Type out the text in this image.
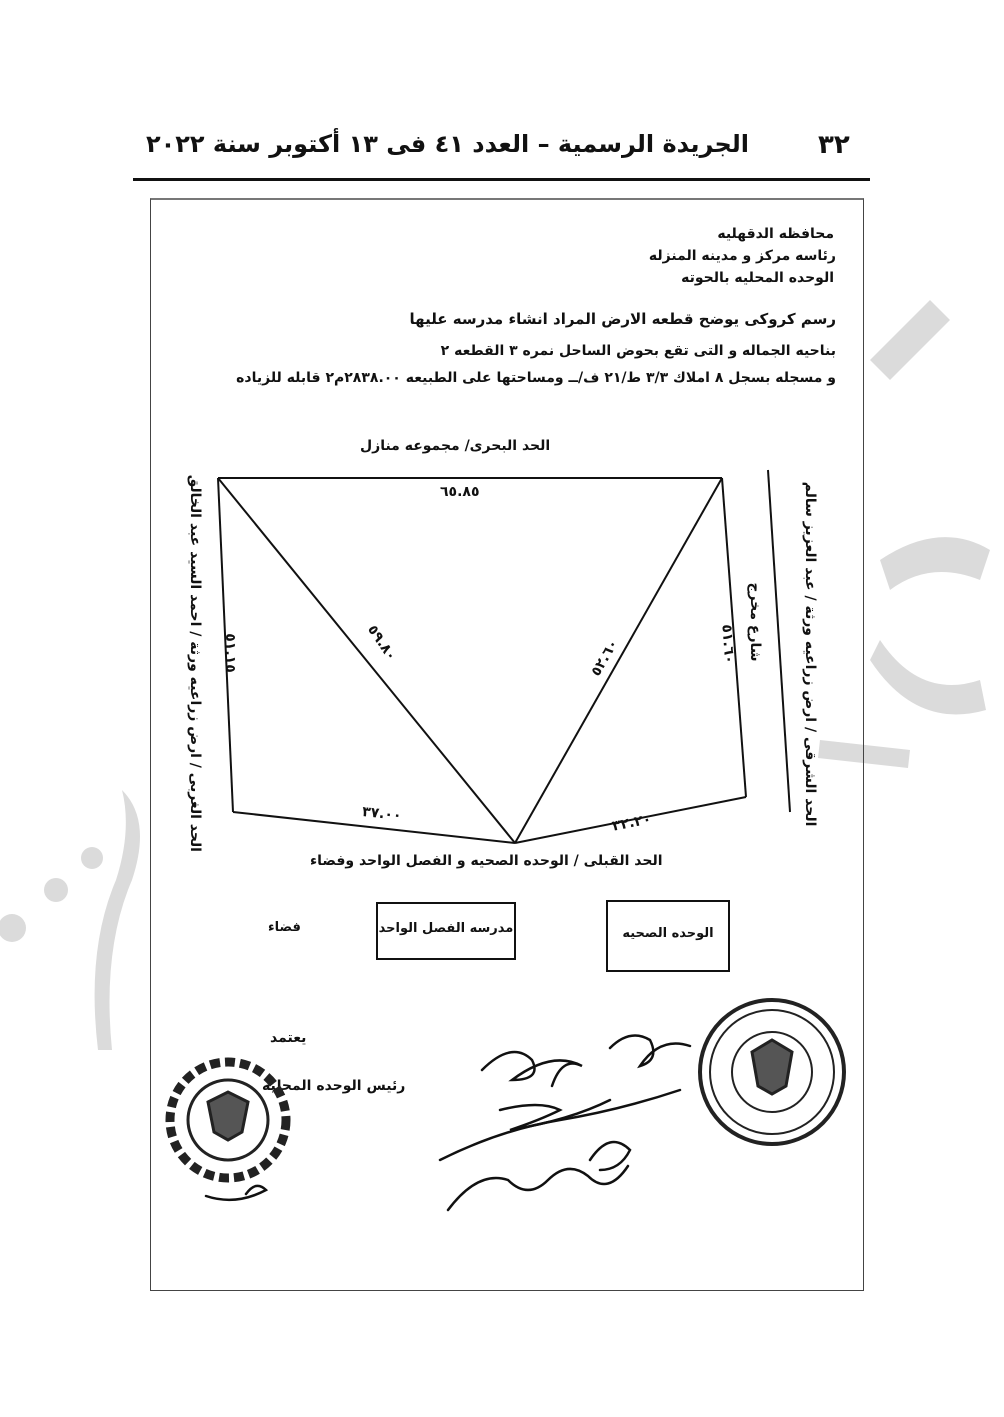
٣٢
الجريدة الرسمية – العدد ٤١ فى ١٣ أكتوبر سنة ٢٠٢٢
محافظه الدقهليه
رئاسه مركز و مدينه المنزله
الوحده المحليه بالحوته
رسم كروكى يوضح قطعه الارض المراد انشاء مدرسه عليها
بناحيه الجماله و التى تقع بحوض الساحل نمره ٣ القطعه ٢
و مسجله بسجل ٨ املاك ٣/٣ ط/٢١ ف/ــ ومساحتها على الطبيعه ٢٨٣٨.٠٠م٢ قابله للزياده
الحد البحرى/ مجموعه منازل
الحد القبلى / الوحده الصحيه و الفصل الواحد وفضاء
الحد الغربى / ارض زراعيه ورثة / احمد السيد عبد الخالق	الحد الشرقى / ارض زراعيه ورثة / عبد العزيز سالم
شارع مخرج
٦٥.٨٥
٥١.١٥	٥٩.٨٠	٥٢.٦٠	٥١.٦٠
٣٧.٠٠	٣٢.٢٠
الوحده الصحيه
مدرسه الفصل الواحد
فضاء
يعتمد
رئيس الوحده المحليه
